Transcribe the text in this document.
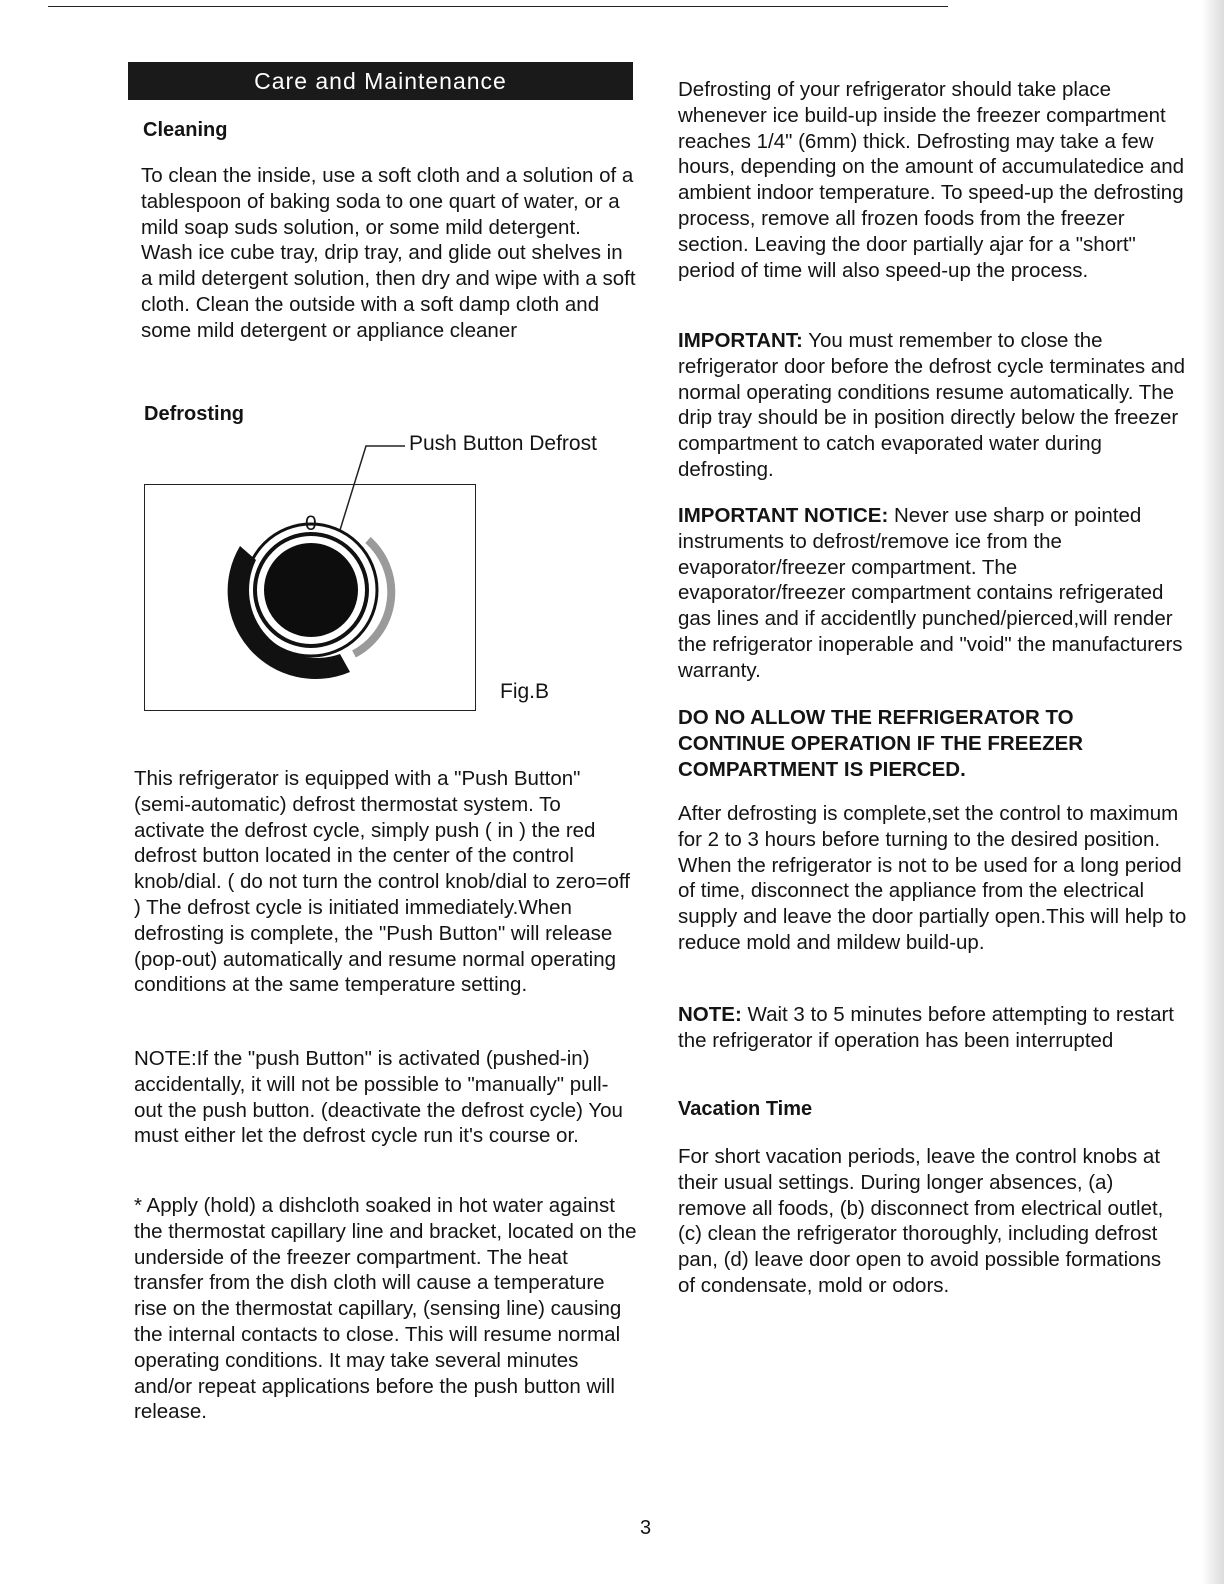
Care and Maintenance
Cleaning

To clean the inside, use a soft cloth and a solution of a tablespoon of baking soda to one quart of water, or a mild soap suds solution, or some mild detergent. Wash ice cube tray, drip tray, and glide out shelves in a mild detergent solution, then dry and wipe with a soft cloth. Clean the outside with a soft damp cloth and some mild detergent or appliance cleaner

Defrosting
Push Button Defrost
0
Fig.B

This refrigerator is equipped with a "Push Button" (semi-automatic) defrost thermostat system. To activate the defrost cycle, simply push ( in ) the red defrost button located in the center of the control knob/dial. ( do not turn the control knob/dial to zero=off ) The defrost cycle is initiated immediately.When defrosting is complete, the "Push Button" will release (pop-out) automatically and resume normal operating conditions at the same temperature setting.

NOTE:If the "push Button" is activated (pushed-in) accidentally, it will not be possible to "manually" pull-out the push button. (deactivate the defrost cycle) You must either let the defrost cycle run it's course or.

* Apply (hold) a dishcloth soaked in hot water against the thermostat capillary line and bracket, located on the underside of the freezer compartment. The heat transfer from the dish cloth will cause a temperature rise on the thermostat capillary, (sensing line) causing the internal contacts to close. This will resume normal operating conditions. It may take several minutes and/or repeat applications before the push button will release.

Defrosting of your refrigerator should take place whenever ice build-up inside the freezer compartment reaches 1/4" (6mm) thick. Defrosting may take a few hours, depending on the amount of accumulatedice and ambient indoor temperature. To speed-up the defrosting process, remove all frozen foods from the freezer section. Leaving the door partially ajar for a "short" period of time will also speed-up the process.

IMPORTANT: You must remember to close the refrigerator door before the defrost cycle terminates and normal operating conditions resume automatically. The drip tray should be in position directly below the freezer compartment to catch evaporated water during defrosting.

IMPORTANT NOTICE: Never use sharp or pointed instruments to defrost/remove ice from the evaporator/freezer compartment. The evaporator/freezer compartment contains refrigerated gas lines and if accidentlly punched/pierced,will render the refrigerator inoperable and "void" the manufacturers warranty.

DO NO ALLOW THE REFRIGERATOR TO CONTINUE OPERATION IF THE FREEZER COMPARTMENT IS PIERCED.

After defrosting is complete,set the control to maximum for 2 to 3 hours before turning to the desired position. When the refrigerator is not to be used for a long period of time, disconnect the appliance from the electrical supply and leave the door partially open.This will help to reduce mold and mildew build-up.

NOTE: Wait 3 to 5 minutes before attempting to restart the refrigerator if operation has been interrupted

Vacation Time

For short vacation periods, leave the control knobs at their usual settings. During longer absences, (a) remove all foods, (b) disconnect from electrical outlet, (c) clean the refrigerator thoroughly, including defrost pan, (d) leave door open to avoid possible formations of condensate, mold or odors.

3
